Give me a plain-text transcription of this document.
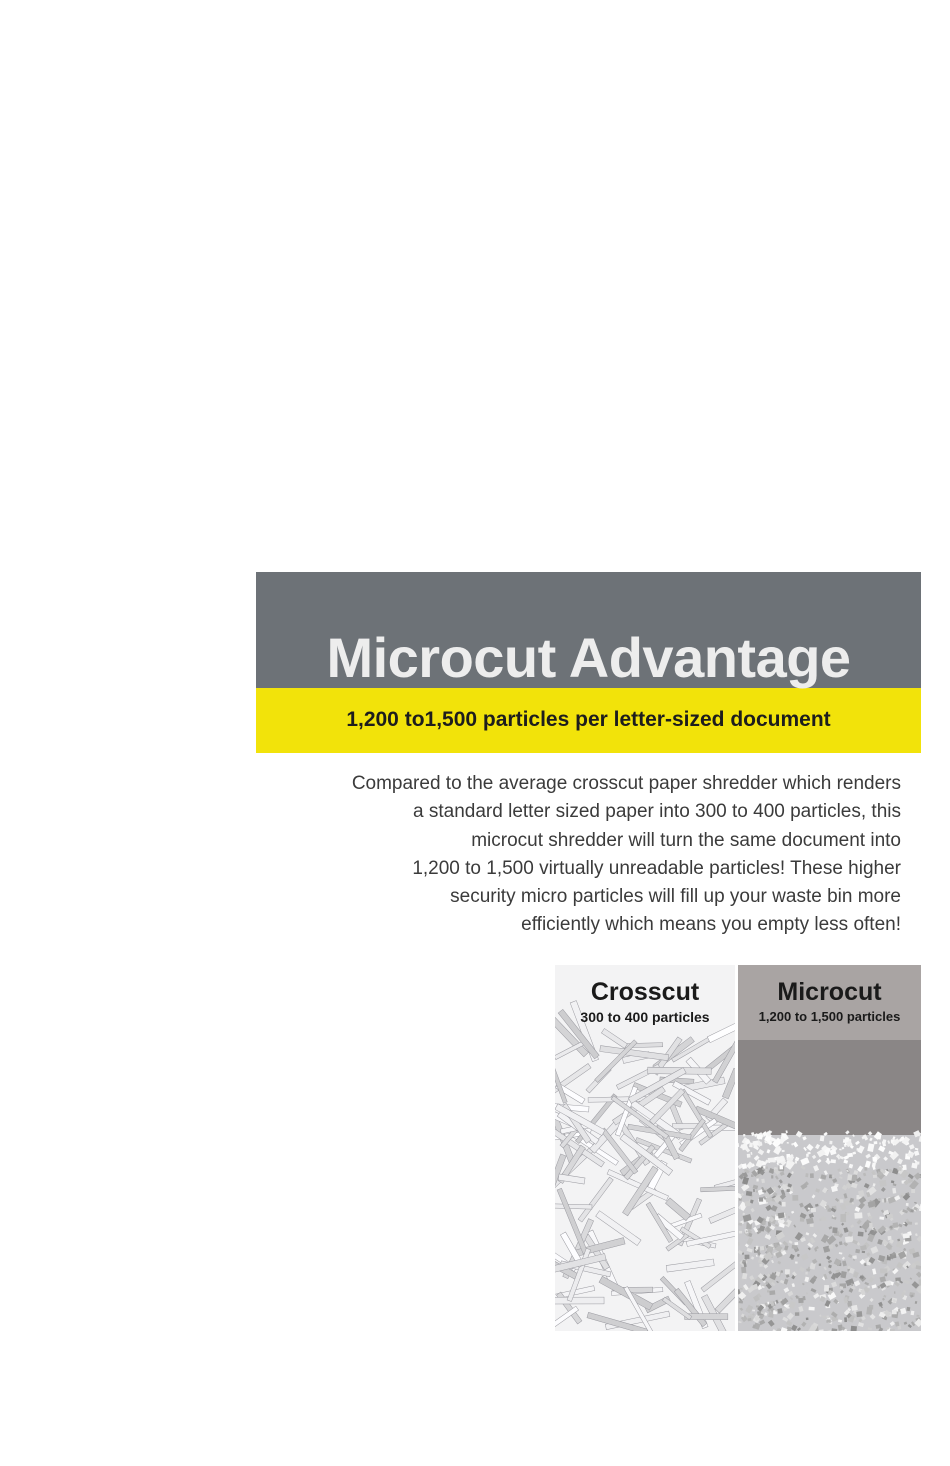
Microcut Advantage
1,200 to1,500 particles per letter-sized document
Compared to the average crosscut paper shredder which renders
a standard letter sized paper into 300 to 400 particles, this
microcut shredder will turn the same document into
1,200 to 1,500 virtually unreadable particles! These higher
security micro particles will fill up your waste bin more
efficiently which means you empty less often!
Crosscut
300 to 400 particles
Microcut
1,200 to 1,500 particles
